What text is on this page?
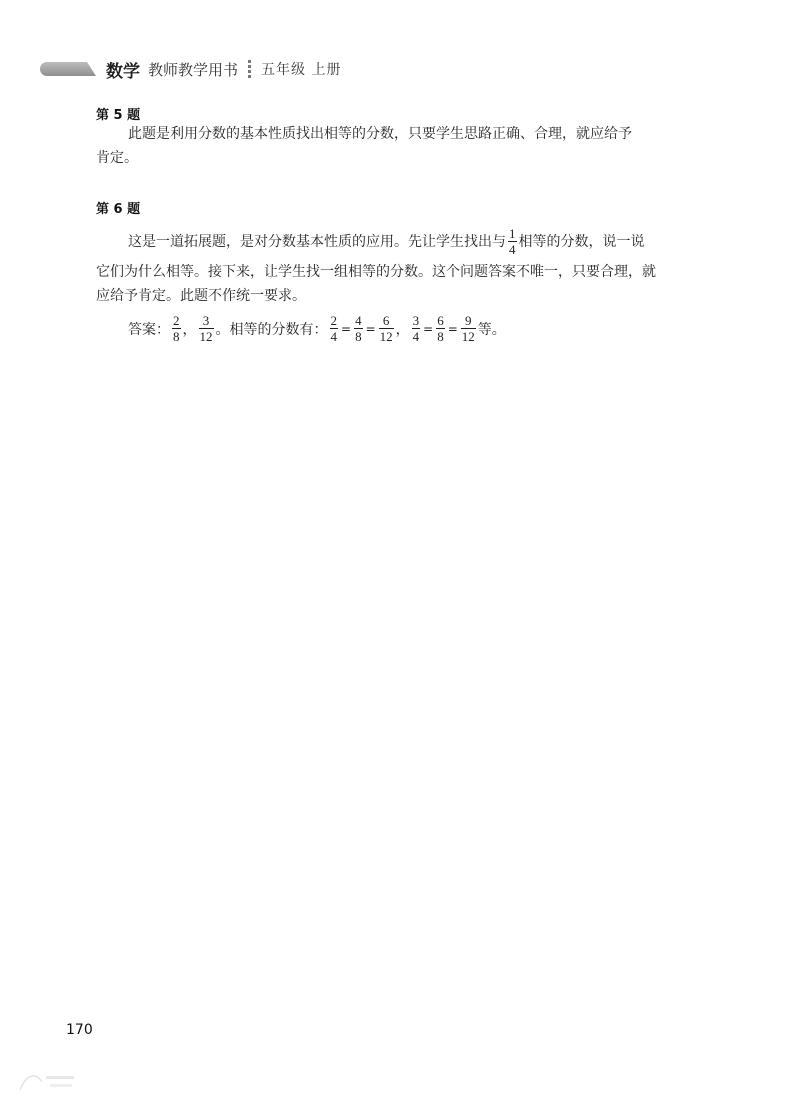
数学 教师教学用书 五年级 上册
第 5 题
此题是利用分数的基本性质找出相等的分数，只要学生思路正确、合理，就应给予
肯定。
第 6 题
这是一道拓展题，是对分数基本性质的应用。先让学生找出与 $\frac{1}{4}$ 相等的分数，说一说
它们为什么相等。接下来，让学生找一组相等的分数。这个问题答案不唯一，只要合理，就
应给予肯定。此题不作统一要求。
答案： $\frac{2}{8}$ ， $\frac{3}{12}$ 。相等的分数有： $\frac{2}{4} = \frac{4}{8} = \frac{6}{12}$ ， $\frac{3}{4} = \frac{6}{8} = \frac{9}{12}$ 等。
170
